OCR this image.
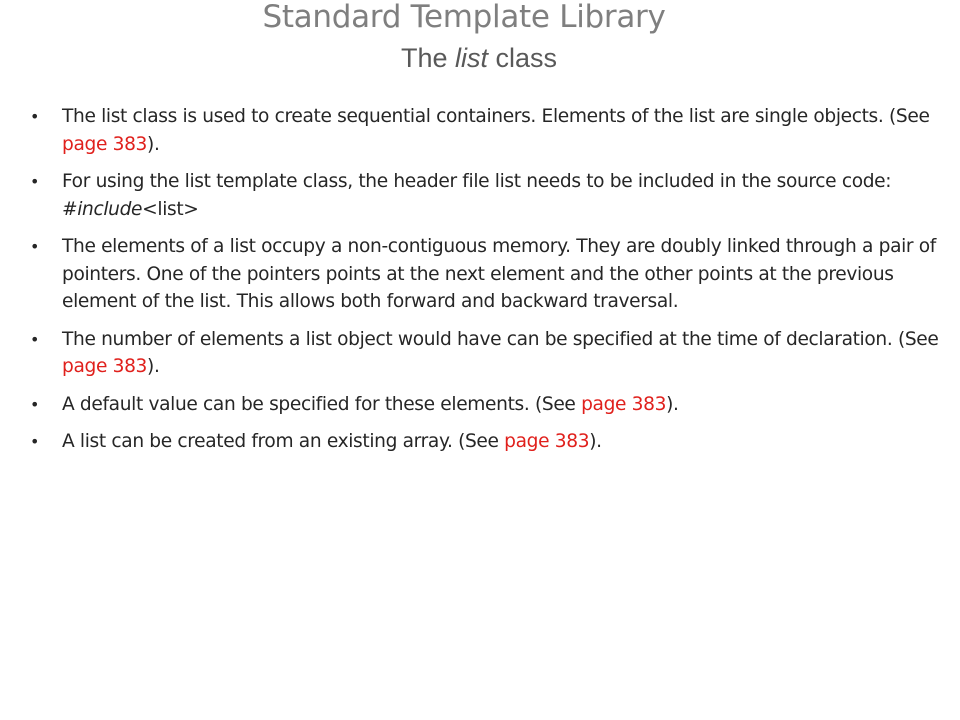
Standard Template Library
The list class
• The list class is used to create sequential containers. Elements of the list are single objects. (See page 383).
• For using the list template class, the header file list needs to be included in the source code: #include<list>
• The elements of a list occupy a non-contiguous memory. They are doubly linked through a pair of pointers. One of the pointers points at the next element and the other points at the previous element of the list. This allows both forward and backward traversal.
• The number of elements a list object would have can be specified at the time of declaration. (See page 383).
• A default value can be specified for these elements. (See page 383).
• A list can be created from an existing array. (See page 383).
